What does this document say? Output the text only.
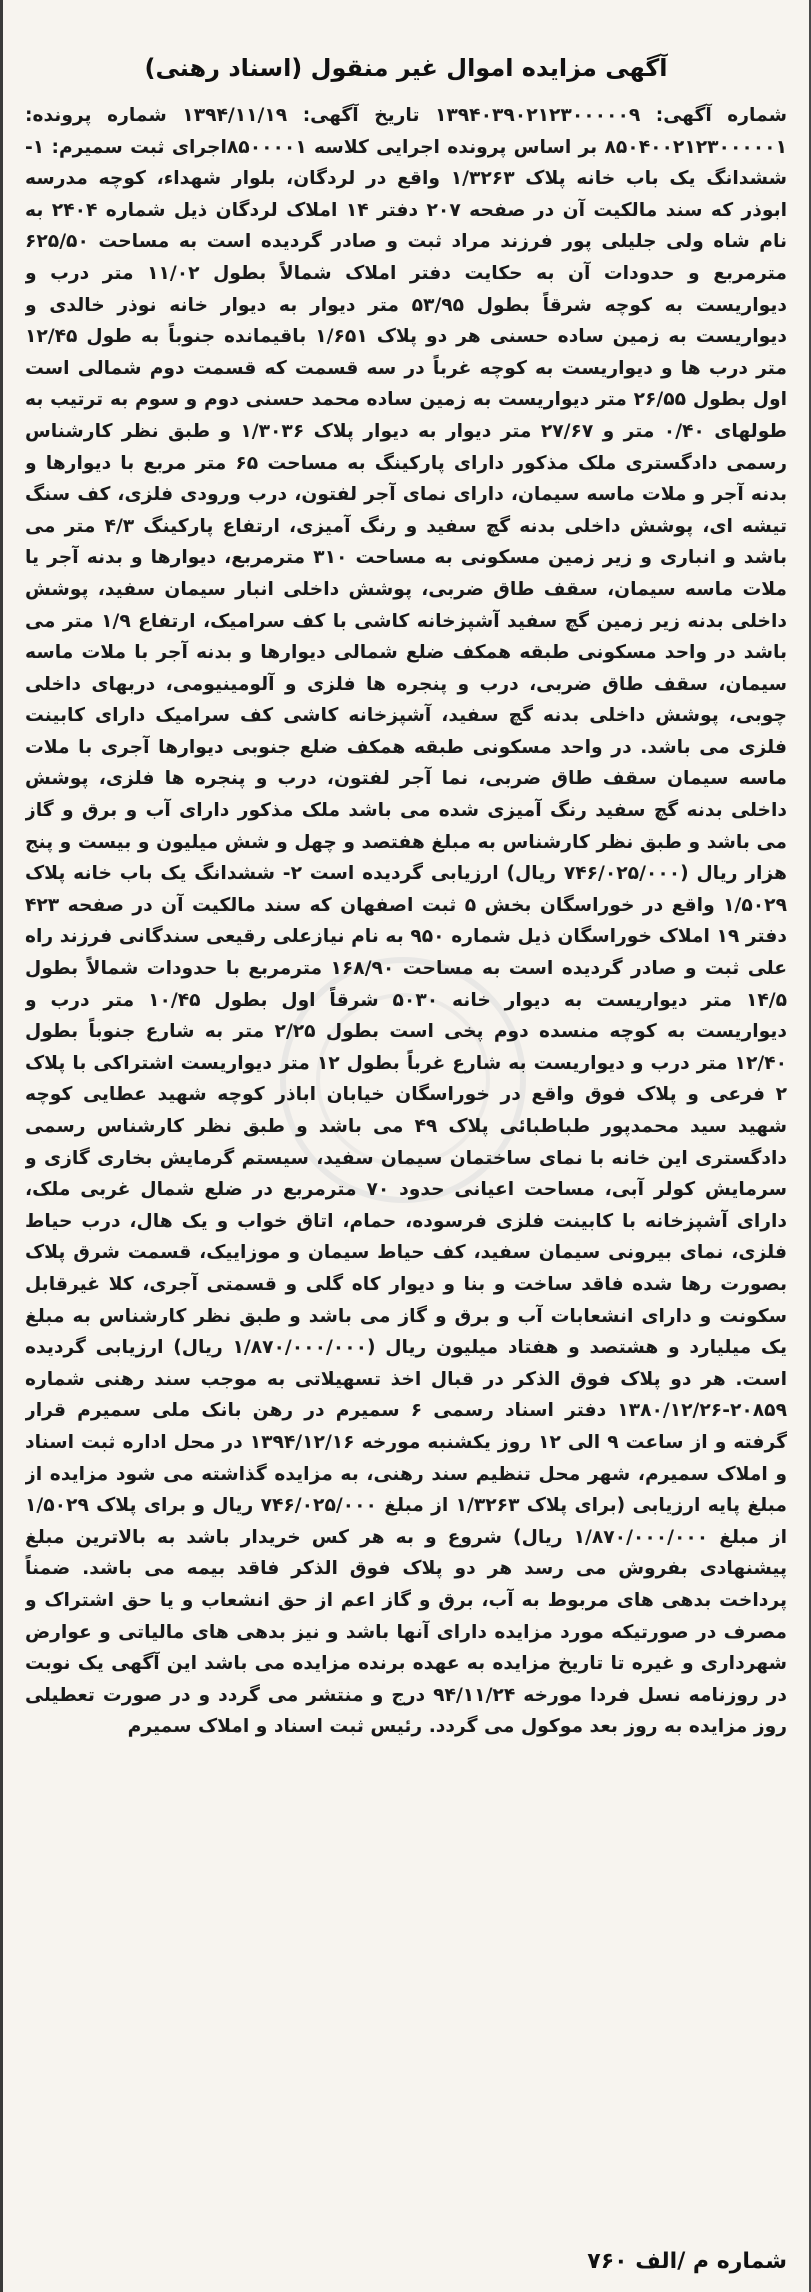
آگهی مزایده اموال غیر منقول (اسناد رهنی)

شماره آگهی: ۱۳۹۴۰۳۹۰۲۱۲۳۰۰۰۰۰۹ تاریخ آگهی: ۱۳۹۴/۱۱/۱۹ شماره پرونده: ۸۵۰۴۰۰۲۱۲۳۰۰۰۰۰۱ بر اساس پرونده اجرایی کلاسه ۸۵۰۰۰۰۱اجرای ثبت سمیرم: ۱- ششدانگ یک باب خانه پلاک ۱/۳۲۶۳ واقع در لردگان، بلوار شهداء، کوچه مدرسه ابوذر که سند مالکیت آن در صفحه ۲۰۷ دفتر ۱۴ املاک لردگان ذیل شماره ۲۴۰۴ به نام شاه ولی جلیلی پور فرزند مراد ثبت و صادر گردیده است به مساحت ۶۲۵/۵۰ مترمربع و حدودات آن به حکایت دفتر املاک شمالاً بطول ۱۱/۰۲ متر درب و دیواریست به کوچه شرقاً بطول ۵۳/۹۵ متر دیوار به دیوار خانه نوذر خالدی و دیواریست به زمین ساده حسنی هر دو پلاک ۱/۶۵۱ باقیمانده جنوباً به طول ۱۲/۴۵ متر درب ها و دیواریست به کوچه غرباً در سه قسمت که قسمت دوم شمالی است اول بطول ۲۶/۵۵ متر دیواریست به زمین ساده محمد حسنی دوم و سوم به ترتیب به طولهای ۰/۴۰ متر و ۲۷/۶۷ متر دیوار به دیوار پلاک ۱/۳۰۳۶ و طبق نظر کارشناس رسمی دادگستری ملک مذکور دارای پارکینگ به مساحت ۶۵ متر مربع با دیوارها و بدنه آجر و ملات ماسه سیمان، دارای نمای آجر لفتون، درب ورودی فلزی، کف سنگ تیشه ای، پوشش داخلی بدنه گچ سفید و رنگ آمیزی، ارتفاع پارکینگ ۴/۳ متر می باشد و انباری و زیر زمین مسکونی به مساحت ۳۱۰ مترمربع، دیوارها و بدنه آجر یا ملات ماسه سیمان، سقف طاق ضربی، پوشش داخلی انبار سیمان سفید، پوشش داخلی بدنه زیر زمین گچ سفید آشپزخانه کاشی با کف سرامیک، ارتفاع ۱/۹ متر می باشد در واحد مسکونی طبقه همکف ضلع شمالی دیوارها و بدنه آجر با ملات ماسه سیمان، سقف طاق ضربی، درب و پنجره ها فلزی و آلومینیومی، دربهای داخلی چوبی، پوشش داخلی بدنه گچ سفید، آشپزخانه کاشی کف سرامیک دارای کابینت فلزی می باشد. در واحد مسکونی طبقه همکف ضلع جنوبی دیوارها آجری با ملات ماسه سیمان سقف طاق ضربی، نما آجر لفتون، درب و پنجره ها فلزی، پوشش داخلی بدنه گچ سفید رنگ آمیزی شده می باشد ملک مذکور دارای آب و برق و گاز می باشد و طبق نظر کارشناس به مبلغ هفتصد و چهل و شش میلیون و بیست و پنج هزار ریال (۷۴۶/۰۲۵/۰۰۰ ریال) ارزیابی گردیده است ۲- ششدانگ یک باب خانه پلاک ۱/۵۰۲۹ واقع در خوراسگان بخش ۵ ثبت اصفهان که سند مالکیت آن در صفحه ۴۲۳ دفتر ۱۹ املاک خوراسگان ذیل شماره ۹۵۰ به نام نیازعلی رقیعی سندگانی فرزند راه علی ثبت و صادر گردیده است به مساحت ۱۶۸/۹۰ مترمربع با حدودات شمالاً بطول ۱۴/۵ متر دیواریست به دیوار خانه ۵۰۳۰ شرقاً اول بطول ۱۰/۴۵ متر درب و دیواریست به کوچه منسده دوم پخی است بطول ۲/۲۵ متر به شارع جنوباً بطول ۱۲/۴۰ متر درب و دیواریست به شارع غرباً بطول ۱۲ متر دیواریست اشتراکی با پلاک ۲ فرعی و پلاک فوق واقع در خوراسگان خیابان اباذر کوچه شهید عطایی کوچه شهید سید محمدپور طباطبائی پلاک ۴۹ می باشد و طبق نظر کارشناس رسمی دادگستری این خانه با نمای ساختمان سیمان سفید، سیستم گرمایش بخاری گازی و سرمایش کولر آبی، مساحت اعیانی حدود ۷۰ مترمربع در ضلع شمال غربی ملک، دارای آشپزخانه با کابینت فلزی فرسوده، حمام، اتاق خواب و یک هال، درب حیاط فلزی، نمای بیرونی سیمان سفید، کف حیاط سیمان و موزاییک، قسمت شرق پلاک بصورت رها شده فاقد ساخت و بنا و دیوار کاه گلی و قسمتی آجری، کلا غیرقابل سکونت و دارای انشعابات آب و برق و گاز می باشد و طبق نظر کارشناس به مبلغ یک میلیارد و هشتصد و هفتاد میلیون ریال (۱/۸۷۰/۰۰۰/۰۰۰ ریال) ارزیابی گردیده است. هر دو پلاک فوق الذکر در قبال اخذ تسهیلاتی به موجب سند رهنی شماره ۲۰۸۵۹-۱۳۸۰/۱۲/۲۶ دفتر اسناد رسمی ۶ سمیرم در رهن بانک ملی سمیرم قرار گرفته و از ساعت ۹ الی ۱۲ روز یکشنبه مورخه ۱۳۹۴/۱۲/۱۶ در محل اداره ثبت اسناد و املاک سمیرم، شهر محل تنظیم سند رهنی، به مزایده گذاشته می شود مزایده از مبلغ پایه ارزیابی (برای پلاک ۱/۳۲۶۳ از مبلغ ۷۴۶/۰۲۵/۰۰۰ ریال و برای پلاک ۱/۵۰۲۹ از مبلغ ۱/۸۷۰/۰۰۰/۰۰۰ ریال) شروع و به هر کس خریدار باشد به بالاترین مبلغ پیشنهادی بفروش می رسد هر دو پلاک فوق الذکر فاقد بیمه می باشد. ضمناً پرداخت بدهی های مربوط به آب، برق و گاز اعم از حق انشعاب و یا حق اشتراک و مصرف در صورتیکه مورد مزایده دارای آنها باشد و نیز بدهی های مالیاتی و عوارض شهرداری و غیره تا تاریخ مزایده به عهده برنده مزایده می باشد این آگهی یک نوبت در روزنامه نسل فردا مورخه ۹۴/۱۱/۲۴ درج و منتشر می گردد و در صورت تعطیلی روز مزایده به روز بعد موکول می گردد. رئیس ثبت اسناد و املاک سمیرم

شماره م /الف ۷۶۰
